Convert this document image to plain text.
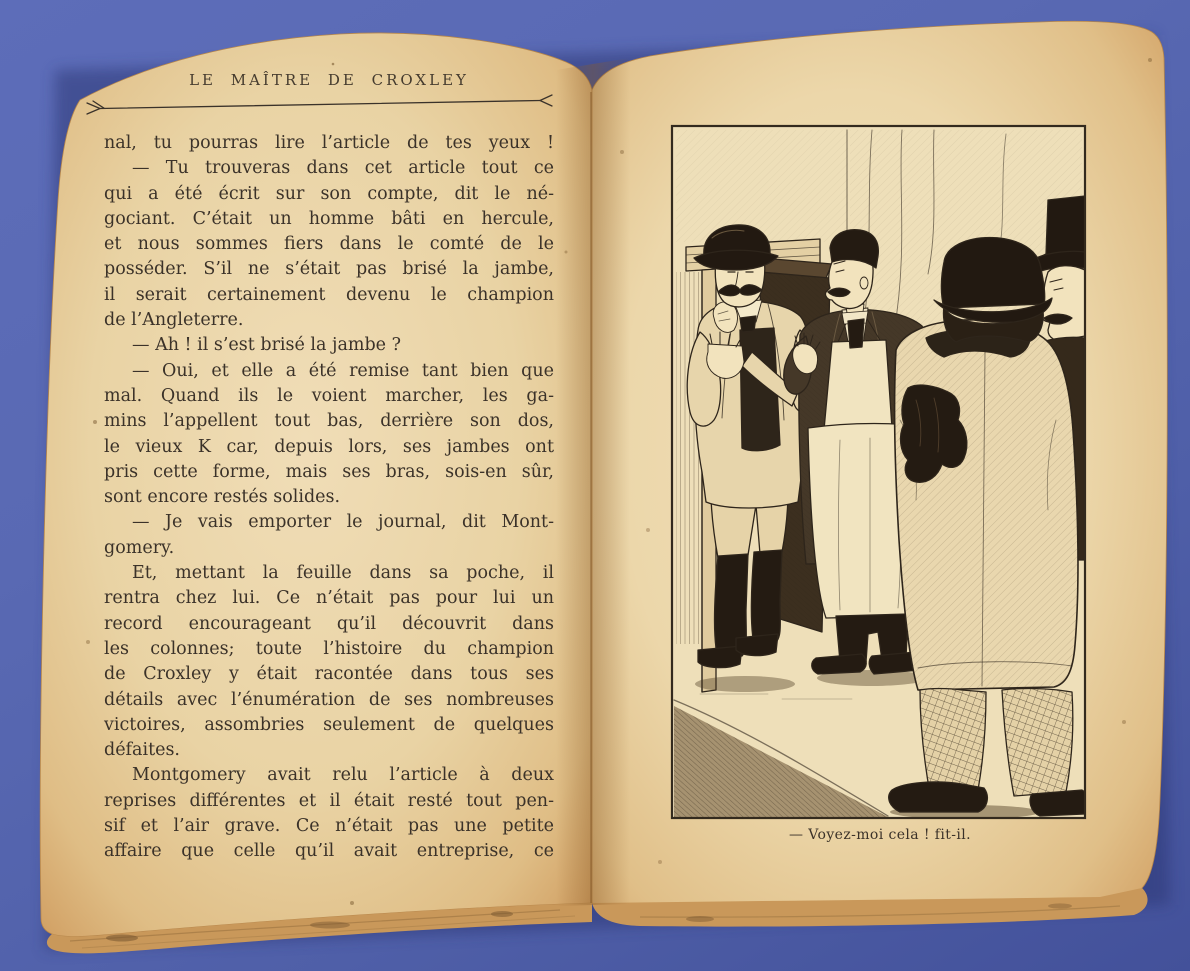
LE MAÎTRE DE CROXLEY
nal, tu pourras lire l’article de tes yeux !
— Tu trouveras dans cet article tout ce
qui a été écrit sur son compte, dit le né-
gociant. C’était un homme bâti en hercule,
et nous sommes fiers dans le comté de le
posséder. S’il ne s’était pas brisé la jambe,
il serait certainement devenu le champion
de l’Angleterre.
— Ah ! il s’est brisé la jambe ?
— Oui, et elle a été remise tant bien que
mal. Quand ils le voient marcher, les ga-
mins l’appellent tout bas, derrière son dos,
le vieux K car, depuis lors, ses jambes ont
pris cette forme, mais ses bras, sois-en sûr,
sont encore restés solides.
— Je vais emporter le journal, dit Mont-
gomery.
Et, mettant la feuille dans sa poche, il
rentra chez lui. Ce n’était pas pour lui un
record encourageant qu’il découvrit dans
les colonnes; toute l’histoire du champion
de Croxley y était racontée dans tous ses
détails avec l’énumération de ses nombreuses
victoires, assombries seulement de quelques
défaites.
Montgomery avait relu l’article à deux
reprises différentes et il était resté tout pen-
sif et l’air grave. Ce n’était pas une petite
affaire que celle qu’il avait entreprise, ce
— Voyez-moi cela ! fit-il.
